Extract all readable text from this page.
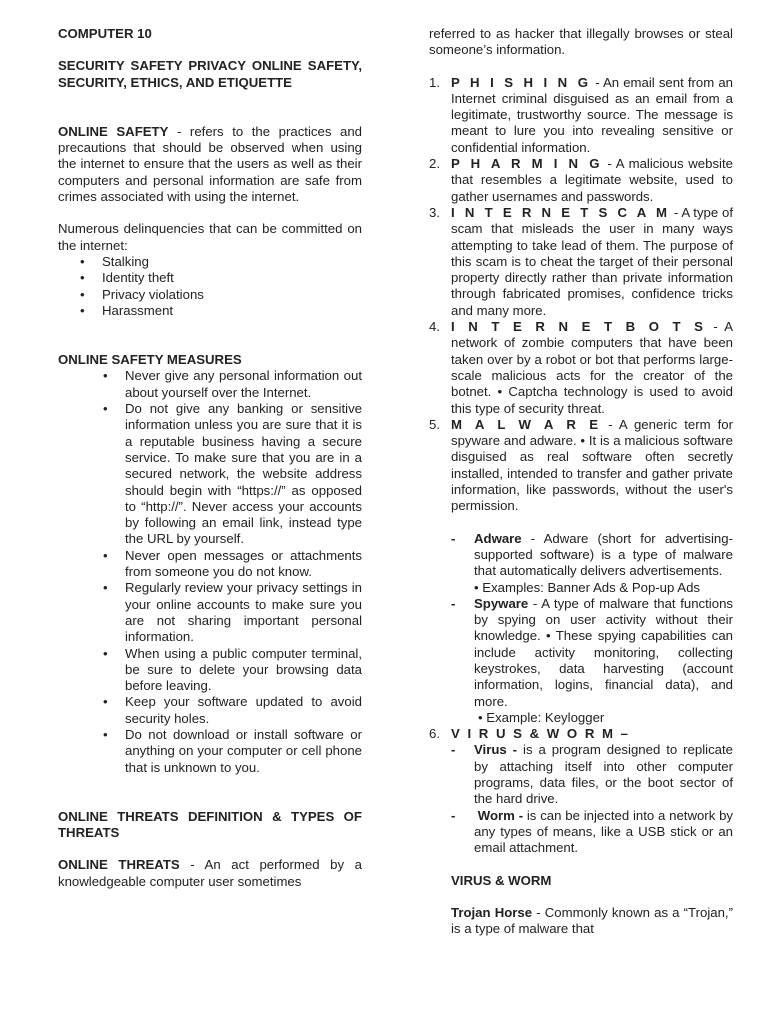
COMPUTER 10

SECURITY SAFETY PRIVACY ONLINE SAFETY, SECURITY, ETHICS, AND ETIQUETTE

ONLINE SAFETY - refers to the practices and precautions that should be observed when using the internet to ensure that the users as well as their computers and personal information are safe from crimes associated with using the internet.

Numerous delinquencies that can be committed on the internet:

• Stalking
• Identity theft
• Privacy violations
• Harassment

ONLINE SAFETY MEASURES

• Never give any personal information out about yourself over the Internet.
• Do not give any banking or sensitive information unless you are sure that it is a reputable business having a secure service. To make sure that you are in a secured network, the website address should begin with “https://” as opposed to “http://”. Never access your accounts by following an email link, instead type the URL by yourself.
• Never open messages or attachments from someone you do not know.
• Regularly review your privacy settings in your online accounts to make sure you are not sharing important personal information.
• When using a public computer terminal, be sure to delete your browsing data before leaving.
• Keep your software updated to avoid security holes.
• Do not download or install software or anything on your computer or cell phone that is unknown to you.

ONLINE THREATS DEFINITION & TYPES OF THREATS

ONLINE THREATS - An act performed by a knowledgeable computer user sometimes

referred to as hacker that illegally browses or steal someone’s information.

1. P H I S H I N G - An email sent from an Internet criminal disguised as an email from a legitimate, trustworthy source. The message is meant to lure you into revealing sensitive or confidential information.
2. P H A R M I N G - A malicious website that resembles a legitimate website, used to gather usernames and passwords.
3. I N T E R N E T S C A M - A type of scam that misleads the user in many ways attempting to take lead of them. The purpose of this scam is to cheat the target of their personal property directly rather than private information through fabricated promises, confidence tricks and many more.
4. I N T E R N E T B O T S - A network of zombie computers that have been taken over by a robot or bot that performs large-scale malicious acts for the creator of the botnet. • Captcha technology is used to avoid this type of security threat.
5. M A L W A R E - A generic term for spyware and adware. • It is a malicious software disguised as real software often secretly installed, intended to transfer and gather private information, like passwords, without the user's permission.
- Adware - Adware (short for advertising- supported software) is a type of malware that automatically delivers advertisements.
• Examples: Banner Ads & Pop-up Ads
- Spyware - A type of malware that functions by spying on user activity without their knowledge. • These spying capabilities can include activity monitoring, collecting keystrokes, data harvesting (account information, logins, financial data), and more.
• Example: Keylogger
6. V I R U S & W O R M –
- Virus - is a program designed to replicate by attaching itself into other computer programs, data files, or the boot sector of the hard drive.
- Worm - is can be injected into a network by any types of means, like a USB stick or an email attachment.

VIRUS & WORM

Trojan Horse - Commonly known as a “Trojan,” is a type of malware that
